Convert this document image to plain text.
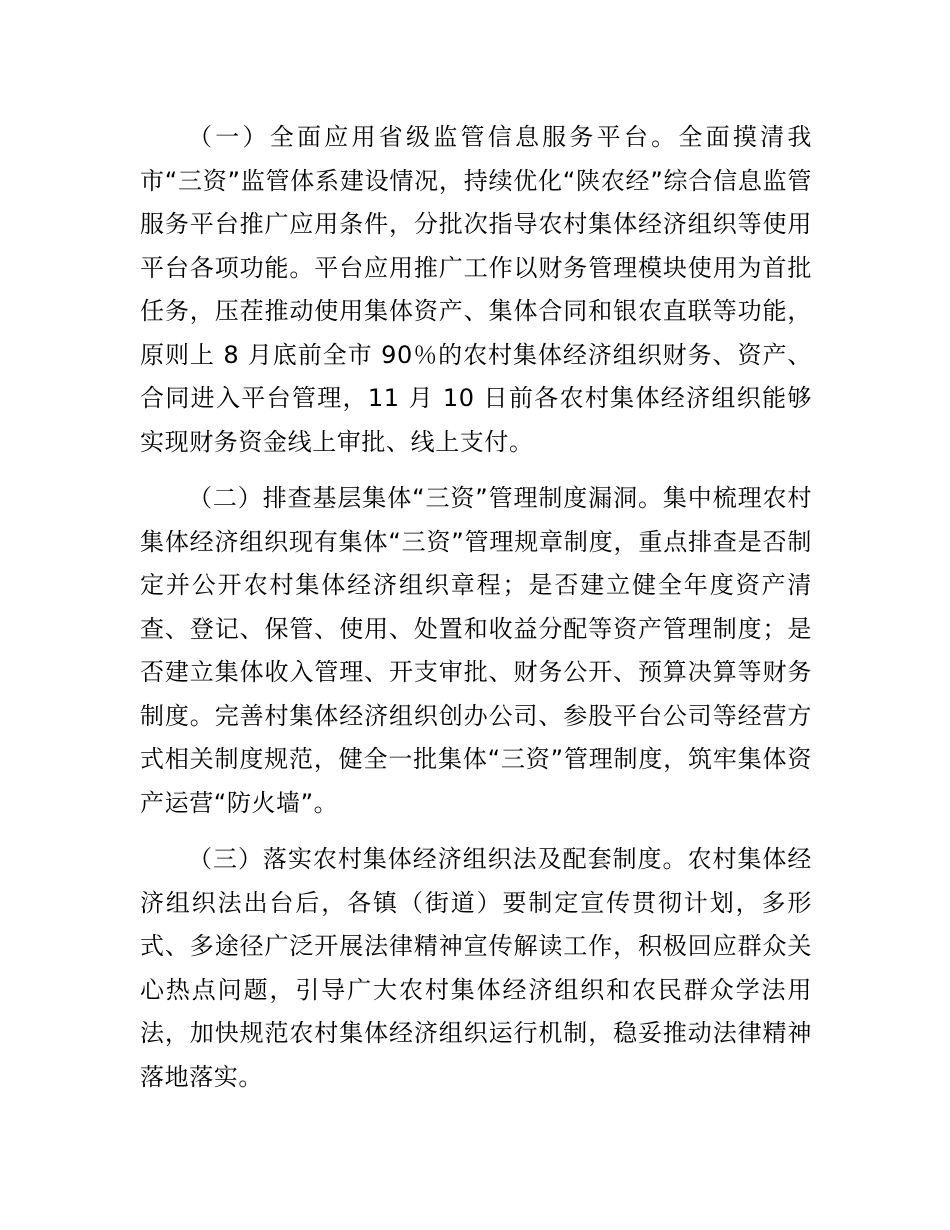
（一）全面应用省级监管信息服务平台。全面摸清我市“三资”监管体系建设情况，持续优化“陕农经”综合信息监管服务平台推广应用条件，分批次指导农村集体经济组织等使用平台各项功能。平台应用推广工作以财务管理模块使用为首批任务，压茬推动使用集体资产、集体合同和银农直联等功能，原则上 8 月底前全市 90％的农村集体经济组织财务、资产、合同进入平台管理，11 月 10 日前各农村集体经济组织能够实现财务资金线上审批、线上支付。

（二）排查基层集体“三资”管理制度漏洞。集中梳理农村集体经济组织现有集体“三资”管理规章制度，重点排查是否制定并公开农村集体经济组织章程；是否建立健全年度资产清查、登记、保管、使用、处置和收益分配等资产管理制度；是否建立集体收入管理、开支审批、财务公开、预算决算等财务制度。完善村集体经济组织创办公司、参股平台公司等经营方式相关制度规范，健全一批集体“三资”管理制度，筑牢集体资产运营“防火墙”。

（三）落实农村集体经济组织法及配套制度。农村集体经济组织法出台后，各镇（街道）要制定宣传贯彻计划，多形式、多途径广泛开展法律精神宣传解读工作，积极回应群众关心热点问题，引导广大农村集体经济组织和农民群众学法用法，加快规范农村集体经济组织运行机制，稳妥推动法律精神落地落实。
